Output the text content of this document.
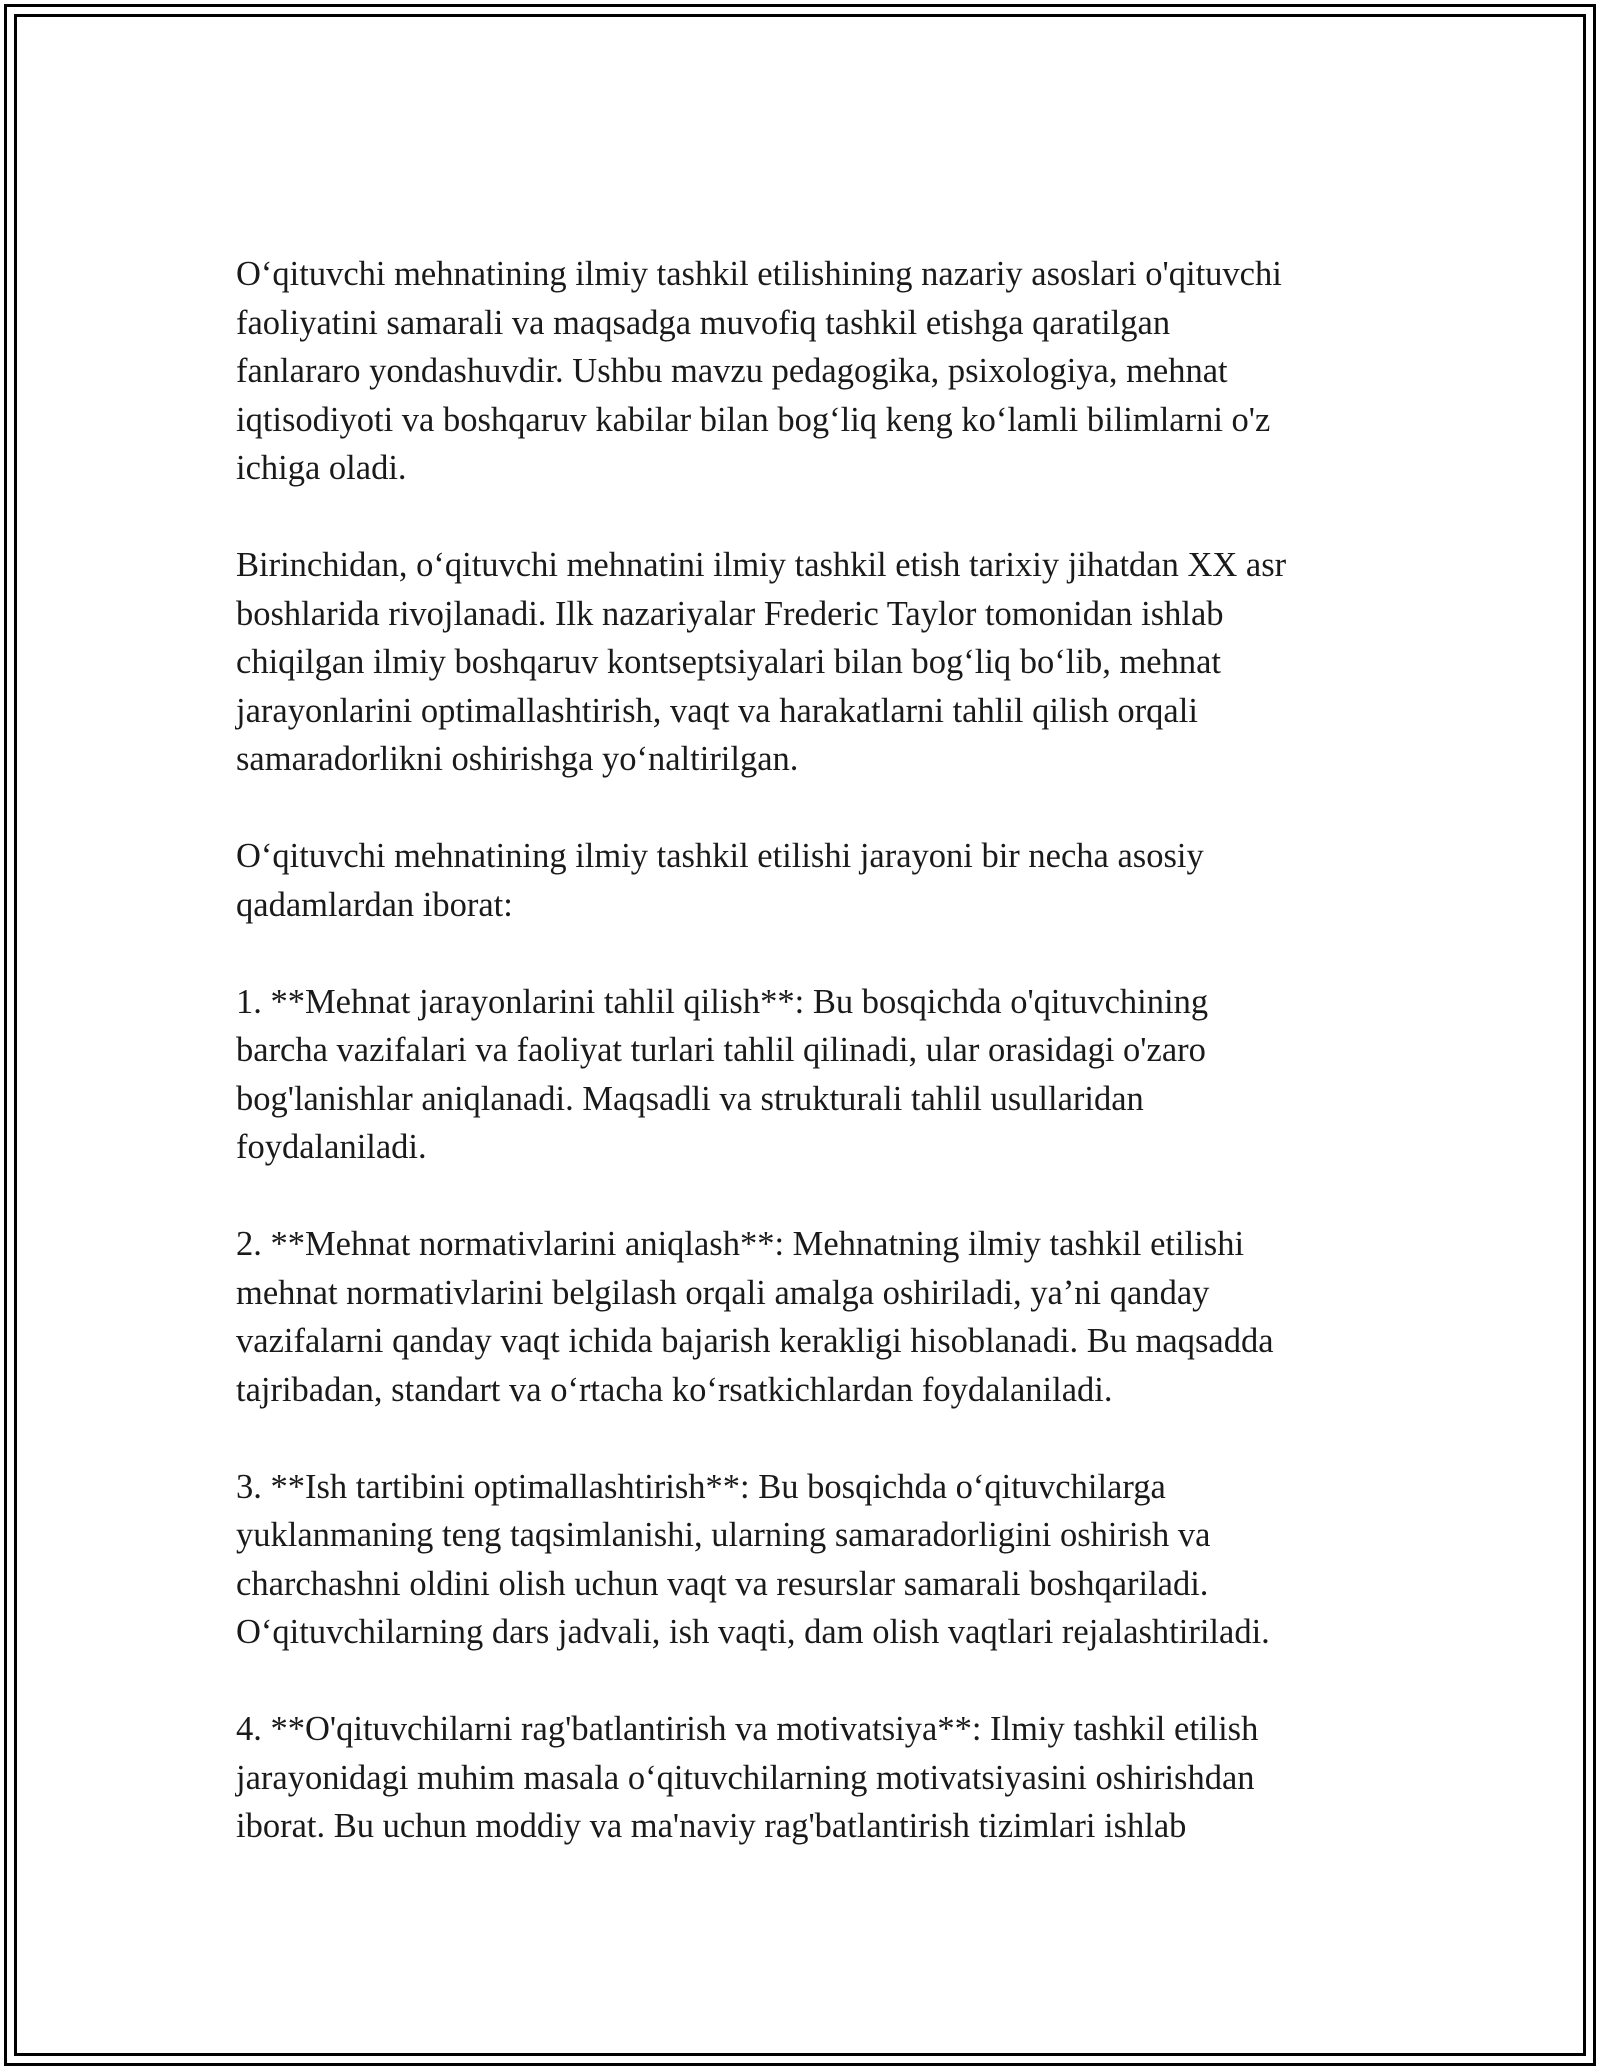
Oʻqituvchi mehnatining ilmiy tashkil etilishining nazariy asoslari o'qituvchi
faoliyatini samarali va maqsadga muvofiq tashkil etishga qaratilgan
fanlararo yondashuvdir. Ushbu mavzu pedagogika, psixologiya, mehnat
iqtisodiyoti va boshqaruv kabilar bilan bogʻliq keng koʻlamli bilimlarni o'z
ichiga oladi.

Birinchidan, oʻqituvchi mehnatini ilmiy tashkil etish tarixiy jihatdan XX asr
boshlarida rivojlanadi. Ilk nazariyalar Frederic Taylor tomonidan ishlab
chiqilgan ilmiy boshqaruv kontseptsiyalari bilan bogʻliq boʻlib, mehnat
jarayonlarini optimallashtirish, vaqt va harakatlarni tahlil qilish orqali
samaradorlikni oshirishga yoʻnaltirilgan.

Oʻqituvchi mehnatining ilmiy tashkil etilishi jarayoni bir necha asosiy
qadamlardan iborat:

1. **Mehnat jarayonlarini tahlil qilish**: Bu bosqichda o'qituvchining
barcha vazifalari va faoliyat turlari tahlil qilinadi, ular orasidagi o'zaro
bog'lanishlar aniqlanadi. Maqsadli va strukturali tahlil usullaridan
foydalaniladi.

2. **Mehnat normativlarini aniqlash**: Mehnatning ilmiy tashkil etilishi
mehnat normativlarini belgilash orqali amalga oshiriladi, yaʼni qanday
vazifalarni qanday vaqt ichida bajarish kerakligi hisoblanadi. Bu maqsadda
tajribadan, standart va oʻrtacha koʻrsatkichlardan foydalaniladi.

3. **Ish tartibini optimallashtirish**: Bu bosqichda oʻqituvchilarga
yuklanmaning teng taqsimlanishi, ularning samaradorligini oshirish va
charchashni oldini olish uchun vaqt va resurslar samarali boshqariladi.
Oʻqituvchilarning dars jadvali, ish vaqti, dam olish vaqtlari rejalashtiriladi.

4. **O'qituvchilarni rag'batlantirish va motivatsiya**: Ilmiy tashkil etilish
jarayonidagi muhim masala oʻqituvchilarning motivatsiyasini oshirishdan
iborat. Bu uchun moddiy va ma'naviy rag'batlantirish tizimlari ishlab
